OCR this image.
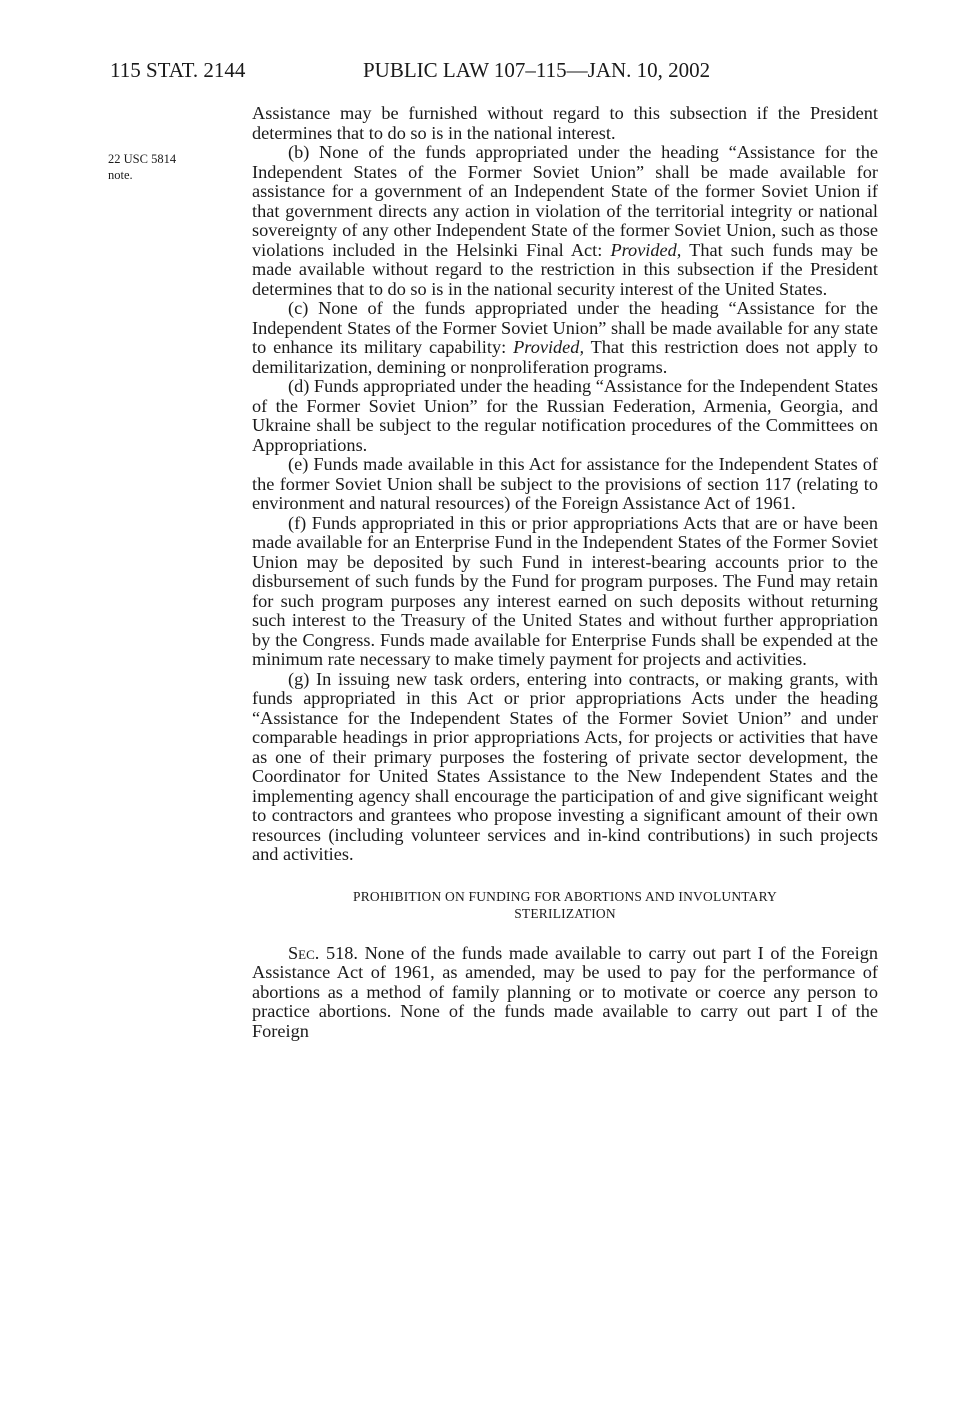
115 STAT. 2144	PUBLIC LAW 107–115—JAN. 10, 2002
22 USC 5814
note.

Assistance may be furnished without regard to this subsection if the President determines that to do so is in the national interest.

(b) None of the funds appropriated under the heading “Assistance for the Independent States of the Former Soviet Union” shall be made available for assistance for a government of an Independent State of the former Soviet Union if that government directs any action in violation of the territorial integrity or national sovereignty of any other Independent State of the former Soviet Union, such as those violations included in the Helsinki Final Act: Provided, That such funds may be made available without regard to the restriction in this subsection if the President determines that to do so is in the national security interest of the United States.

(c) None of the funds appropriated under the heading “Assistance for the Independent States of the Former Soviet Union” shall be made available for any state to enhance its military capability: Provided, That this restriction does not apply to demilitarization, demining or nonproliferation programs.

(d) Funds appropriated under the heading “Assistance for the Independent States of the Former Soviet Union” for the Russian Federation, Armenia, Georgia, and Ukraine shall be subject to the regular notification procedures of the Committees on Appropriations.

(e) Funds made available in this Act for assistance for the Independent States of the former Soviet Union shall be subject to the provisions of section 117 (relating to environment and natural resources) of the Foreign Assistance Act of 1961.

(f) Funds appropriated in this or prior appropriations Acts that are or have been made available for an Enterprise Fund in the Independent States of the Former Soviet Union may be deposited by such Fund in interest-bearing accounts prior to the disbursement of such funds by the Fund for program purposes. The Fund may retain for such program purposes any interest earned on such deposits without returning such interest to the Treasury of the United States and without further appropriation by the Congress. Funds made available for Enterprise Funds shall be expended at the minimum rate necessary to make timely payment for projects and activities.

(g) In issuing new task orders, entering into contracts, or making grants, with funds appropriated in this Act or prior appropriations Acts under the heading “Assistance for the Independent States of the Former Soviet Union” and under comparable headings in prior appropriations Acts, for projects or activities that have as one of their primary purposes the fostering of private sector development, the Coordinator for United States Assistance to the New Independent States and the implementing agency shall encourage the participation of and give significant weight to contractors and grantees who propose investing a significant amount of their own resources (including volunteer services and in-kind contributions) in such projects and activities.

PROHIBITION ON FUNDING FOR ABORTIONS AND INVOLUNTARY
STERILIZATION

Sec. 518. None of the funds made available to carry out part I of the Foreign Assistance Act of 1961, as amended, may be used to pay for the performance of abortions as a method of family planning or to motivate or coerce any person to practice abortions. None of the funds made available to carry out part I of the Foreign
